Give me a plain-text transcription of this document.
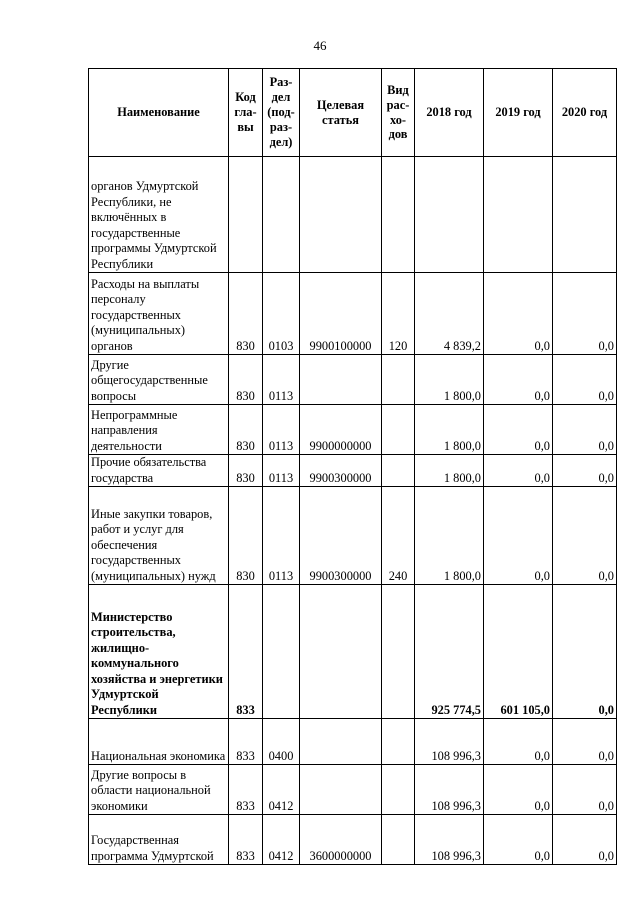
46
Наименование	Код гла-вы	Раз-дел (под-раз-дел)	Целевая статья	Вид рас-хо-дов	2018 год	2019 год	2020 год
органов Удмуртской Республики, не включённых в государственные программы Удмуртской Республики							
Расходы на выплаты персоналу государственных (муниципальных) органов	830	0103	9900100000	120	4 839,2	0,0	0,0
Другие общегосударственные вопросы	830	0113			1 800,0	0,0	0,0
Непрограммные направления деятельности	830	0113	9900000000		1 800,0	0,0	0,0
Прочие обязательства государства	830	0113	9900300000		1 800,0	0,0	0,0
Иные закупки товаров, работ и услуг для обеспечения государственных (муниципальных) нужд	830	0113	9900300000	240	1 800,0	0,0	0,0
Министерство строительства, жилищно-коммунального хозяйства и энергетики Удмуртской Республики	833				925 774,5	601 105,0	0,0
Национальная экономика	833	0400			108 996,3	0,0	0,0
Другие вопросы в области национальной экономики	833	0412			108 996,3	0,0	0,0
Государственная программа Удмуртской	833	0412	3600000000		108 996,3	0,0	0,0
